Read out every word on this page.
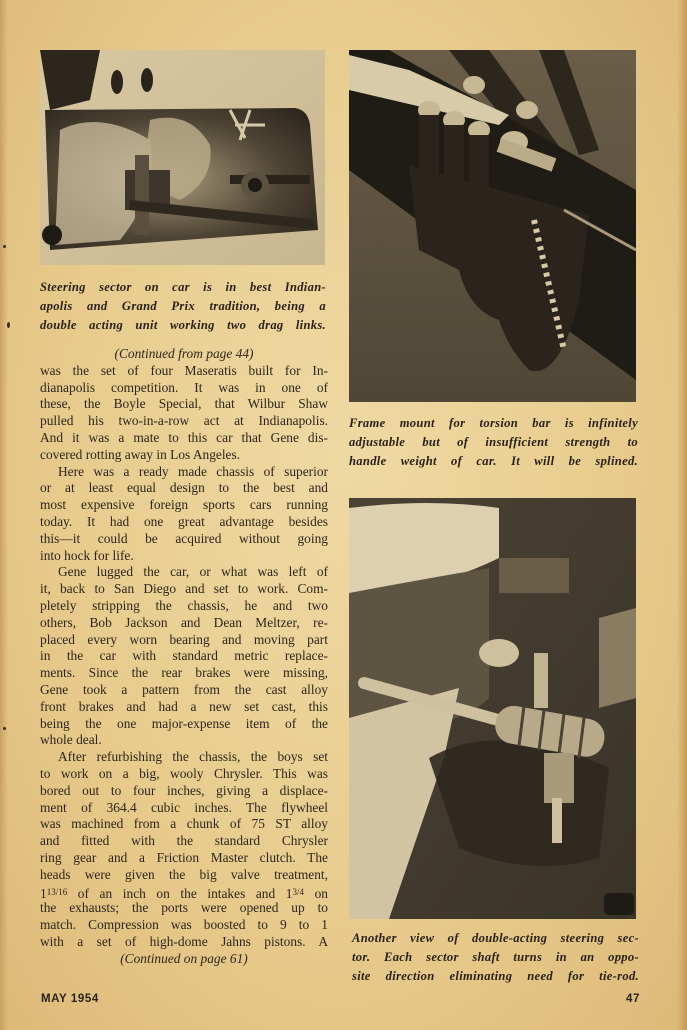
Steering sector on car is in best Indian-
apolis and Grand Prix tradition, being a
double acting unit working two drag links.
Frame mount for torsion bar is infinitely
adjustable but of insufficient strength to
handle weight of car. It will be splined.
Another view of double-acting steering sec-
tor. Each sector shaft turns in an oppo-
site direction eliminating need for tie-rod.
(Continued from page 44)
was the set of four Maseratis built for In-
dianapolis competition. It was in one of
these, the Boyle Special, that Wilbur Shaw
pulled his two-in-a-row act at Indianapolis.
And it was a mate to this car that Gene dis-
covered rotting away in Los Angeles.
Here was a ready made chassis of superior
or at least equal design to the best and
most expensive foreign sports cars running
today. It had one great advantage besides
this—it could be acquired without going
into hock for life.
Gene lugged the car, or what was left of
it, back to San Diego and set to work. Com-
pletely stripping the chassis, he and two
others, Bob Jackson and Dean Meltzer, re-
placed every worn bearing and moving part
in the car with standard metric replace-
ments. Since the rear brakes were missing,
Gene took a pattern from the cast alloy
front brakes and had a new set cast, this
being the one major-expense item of the
whole deal.
After refurbishing the chassis, the boys set
to work on a big, wooly Chrysler. This was
bored out to four inches, giving a displace-
ment of 364.4 cubic inches. The flywheel
was machined from a chunk of 75 ST alloy
and fitted with the standard Chrysler
ring gear and a Friction Master clutch. The
heads were given the big valve treatment,
$1^{13/16}$ of an inch on the intakes and $1^{3/4}$ on
the exhausts; the ports were opened up to
match. Compression was boosted to 9 to 1
with a set of high-dome Jahns pistons. A
(Continued on page 61)
MAY 1954	47
